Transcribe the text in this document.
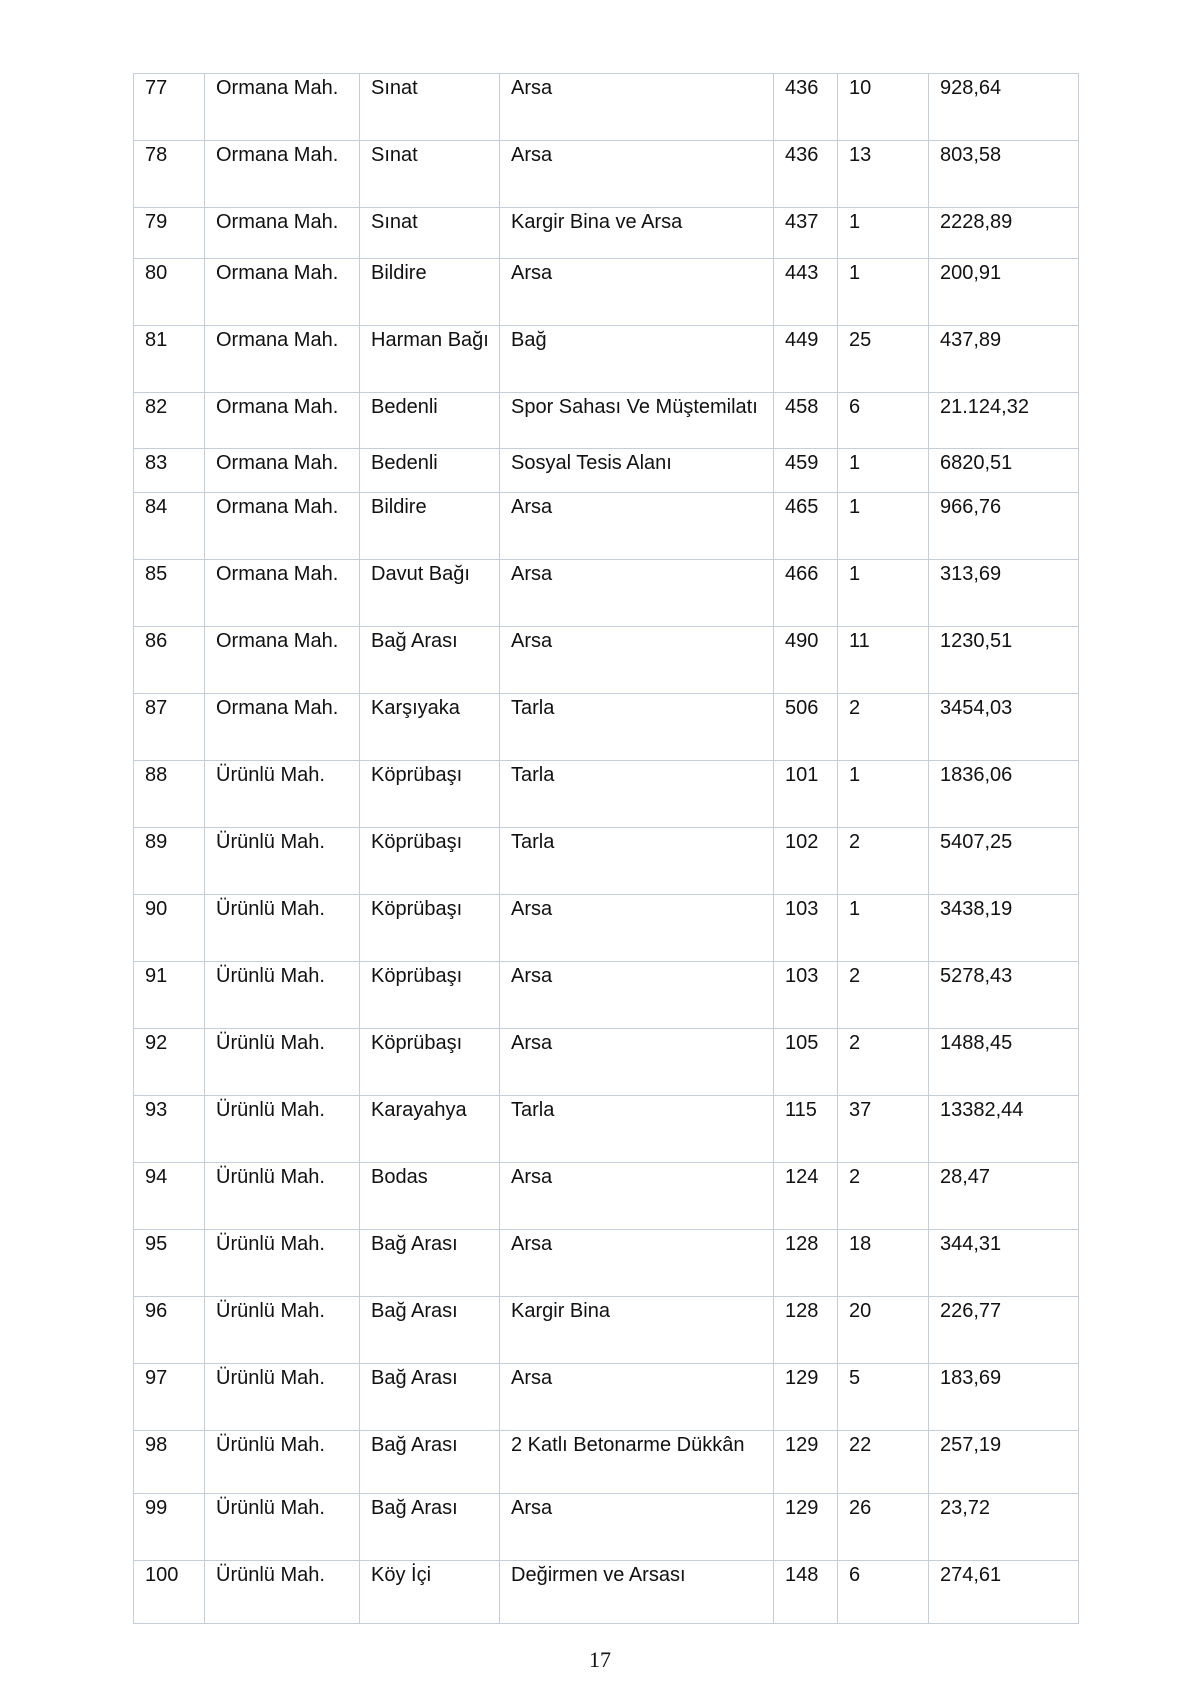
77	Ormana Mah.	Sınat	Arsa	436	10	928,64
78	Ormana Mah.	Sınat	Arsa	436	13	803,58
79	Ormana Mah.	Sınat	Kargir Bina ve Arsa	437	1	2228,89
80	Ormana Mah.	Bildire	Arsa	443	1	200,91
81	Ormana Mah.	Harman Bağı	Bağ	449	25	437,89
82	Ormana Mah.	Bedenli	Spor Sahası Ve Müştemilatı	458	6	21.124,32
83	Ormana Mah.	Bedenli	Sosyal Tesis Alanı	459	1	6820,51
84	Ormana Mah.	Bildire	Arsa	465	1	966,76
85	Ormana Mah.	Davut Bağı	Arsa	466	1	313,69
86	Ormana Mah.	Bağ Arası	Arsa	490	11	1230,51
87	Ormana Mah.	Karşıyaka	Tarla	506	2	3454,03
88	Ürünlü Mah.	Köprübaşı	Tarla	101	1	1836,06
89	Ürünlü Mah.	Köprübaşı	Tarla	102	2	5407,25
90	Ürünlü Mah.	Köprübaşı	Arsa	103	1	3438,19
91	Ürünlü Mah.	Köprübaşı	Arsa	103	2	5278,43
92	Ürünlü Mah.	Köprübaşı	Arsa	105	2	1488,45
93	Ürünlü Mah.	Karayahya	Tarla	115	37	13382,44
94	Ürünlü Mah.	Bodas	Arsa	124	2	28,47
95	Ürünlü Mah.	Bağ Arası	Arsa	128	18	344,31
96	Ürünlü Mah.	Bağ Arası	Kargir Bina	128	20	226,77
97	Ürünlü Mah.	Bağ Arası	Arsa	129	5	183,69
98	Ürünlü Mah.	Bağ Arası	2 Katlı Betonarme Dükkân	129	22	257,19
99	Ürünlü Mah.	Bağ Arası	Arsa	129	26	23,72
100	Ürünlü Mah.	Köy İçi	Değirmen ve Arsası	148	6	274,61
17
